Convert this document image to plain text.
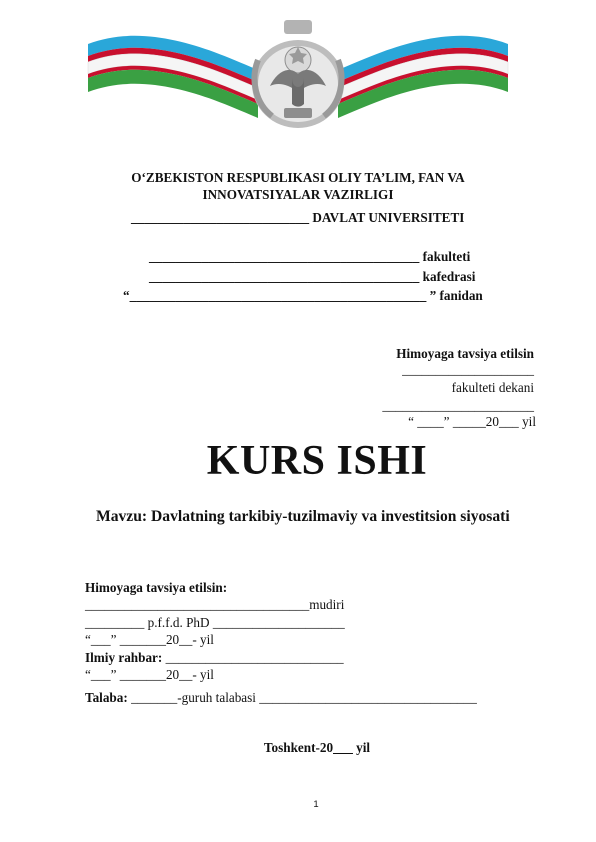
O‘ZBEKISTON RESPUBLIKASI OLIY TA’LIM, FAN VA
INNOVATSIYALAR VAZIRLIGI
___________________________ DAVLAT UNIVERSITETI
_________________________________________ fakulteti
_________________________________________ kafedrasi
“_____________________________________________ ” fanidan
Himoyaga tavsiya etilsin
____________________
fakulteti dekani
_______________________
“ ____” _____20___ yil
KURS ISHI
Mavzu: Davlatning tarkibiy-tuzilmaviy va investitsion siyosati
Himoyaga tavsiya etilsin:
__________________________________mudiri
_________ p.f.f.d. PhD ____________________
“___” _______20__- yil
Ilmiy rahbar: ___________________________
“___” _______20__- yil
Talaba: _______-guruh talabasi _________________________________
Toshkent-20___ yil
1
